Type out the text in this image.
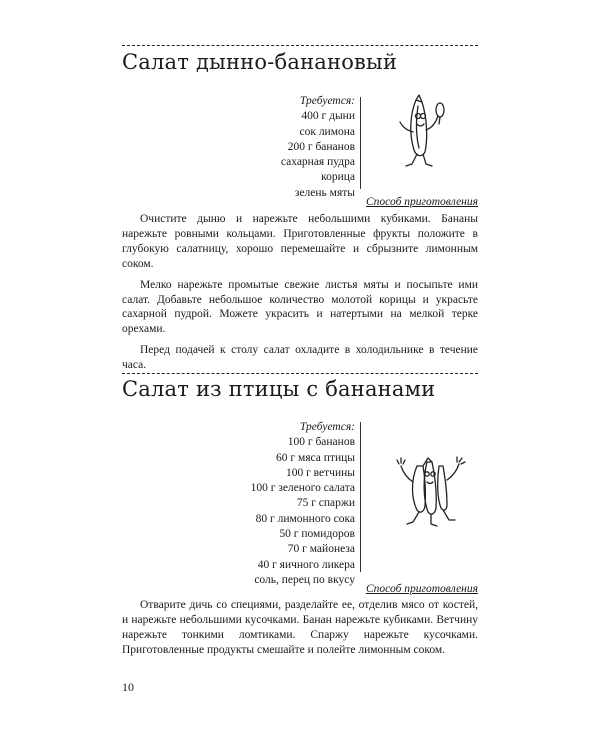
Салат дынно-банановый
Требуется:
400 г дыни
сок лимона
200 г бананов
сахарная пудра
корица
зелень мяты
Способ приготовления

Очистите дыню и нарежьте небольшими кубиками. Бананы нарежьте ровными кольцами. Приготовленные фрукты положите в глубокую салатницу, хорошо перемешайте и сбрызните лимонным соком.

Мелко нарежьте промытые свежие листья мяты и посыпьте ими салат. Добавьте небольшое количество молотой корицы и украсьте сахарной пудрой. Можете украсить и натертыми на мелкой терке орехами.

Перед подачей к столу салат охладите в холодильнике в течение часа.

Салат из птицы с бананами
Требуется:
100 г бананов
60 г мяса птицы
100 г ветчины
100 г зеленого салата
75 г спаржи
80 г лимонного сока
50 г помидоров
70 г майонеза
40 г яичного ликера
соль, перец по вкусу
Способ приготовления

Отварите дичь со специями, разделайте ее, отделив мясо от костей, и нарежьте небольшими кусочками. Банан нарежьте кубиками. Ветчину нарежьте тонкими ломтиками. Спаржу нарежьте кусочками. Приготовленные продукты смешайте и полейте лимонным соком.

10
